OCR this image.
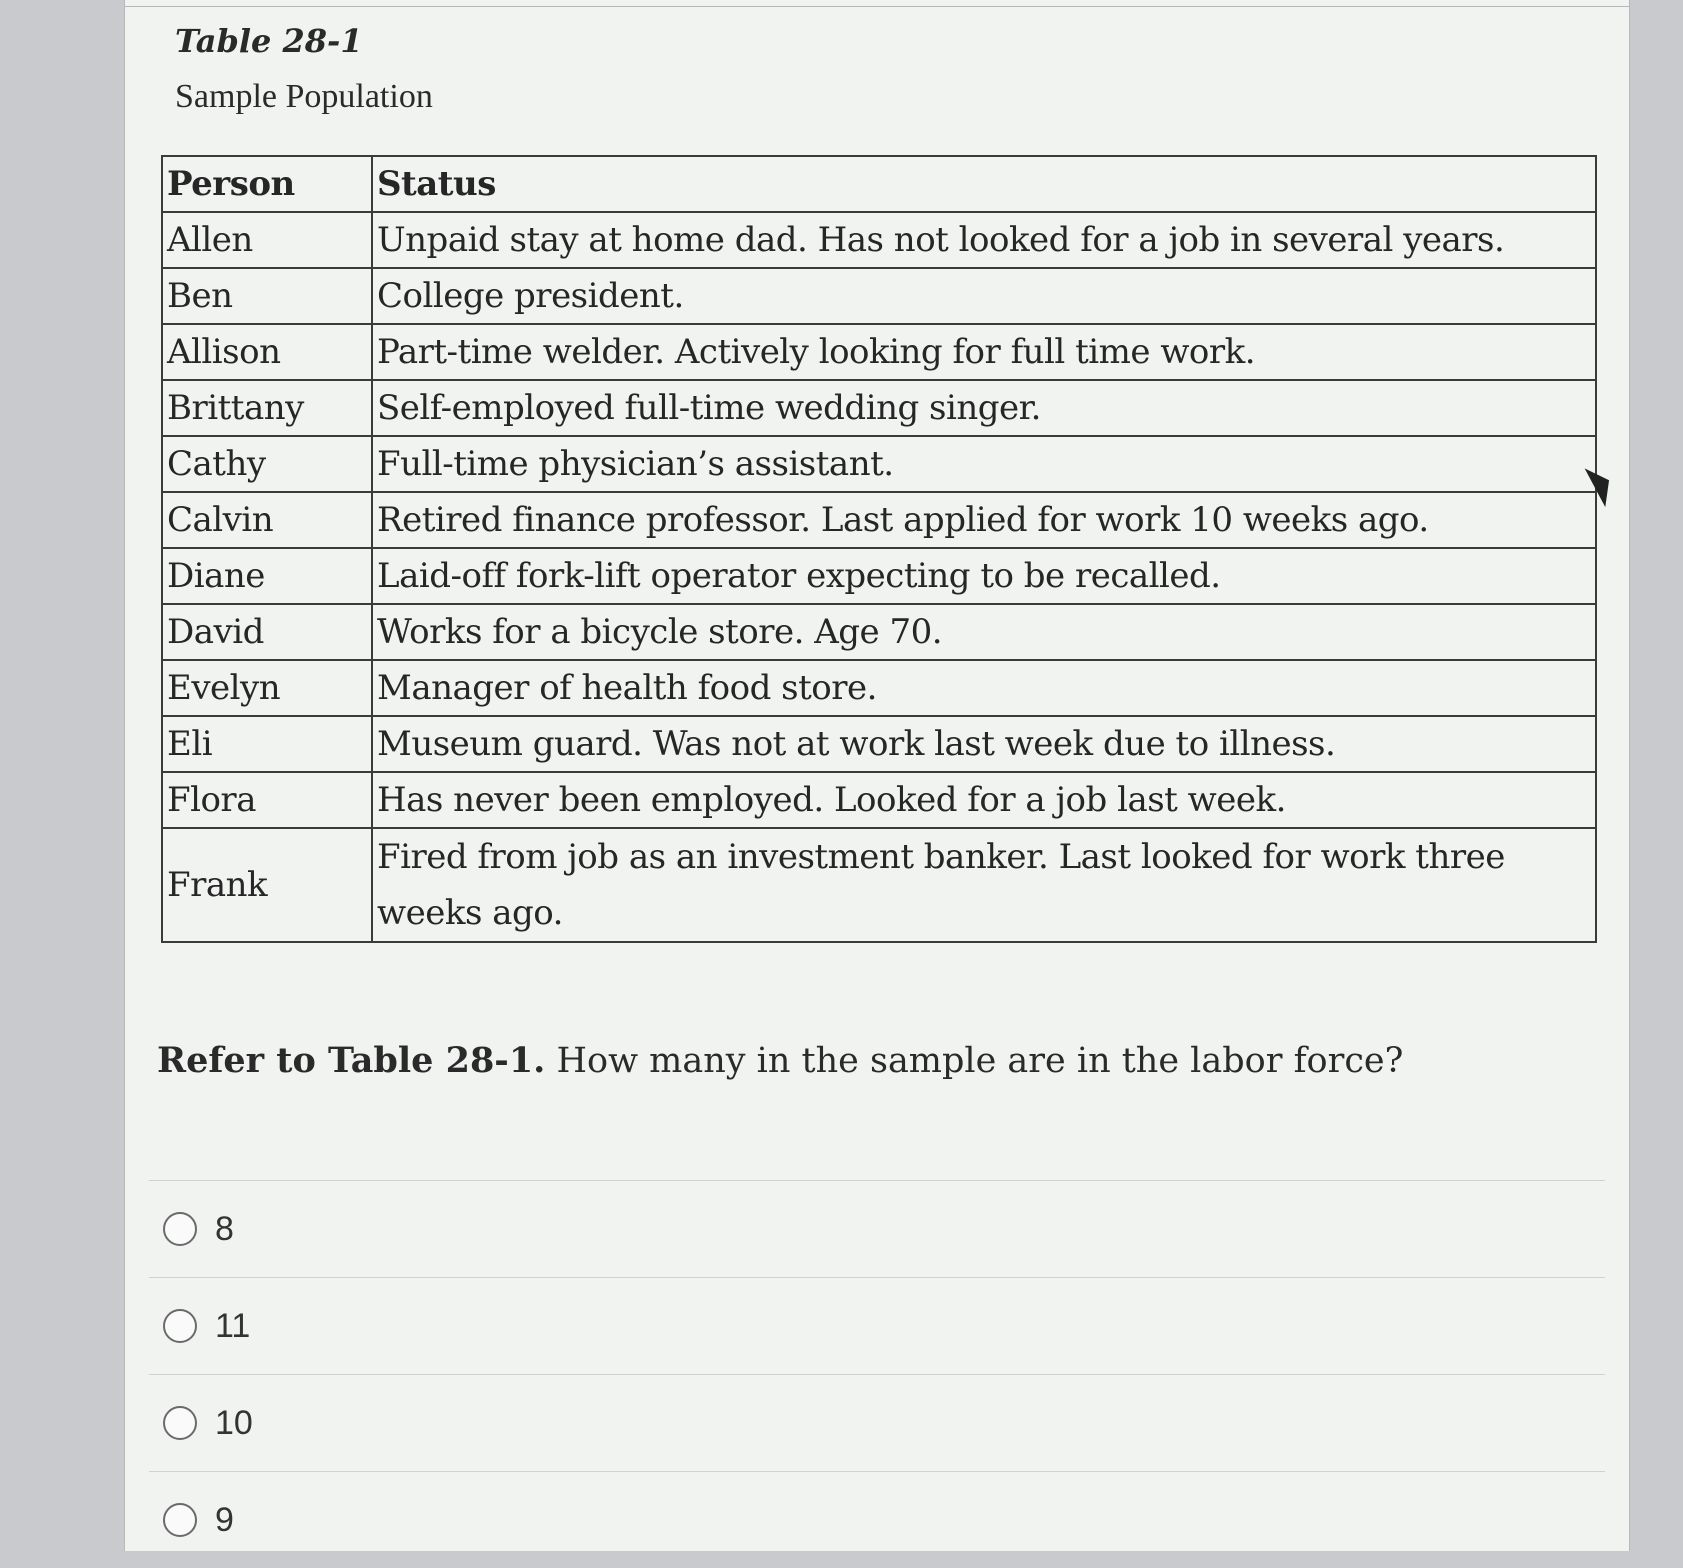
Table 28-1
Sample Population
Person	Status
Allen	Unpaid stay at home dad. Has not looked for a job in several years.
Ben	College president.
Allison	Part-time welder. Actively looking for full time work.
Brittany	Self-employed full-time wedding singer.
Cathy	Full-time physician’s assistant.
Calvin	Retired finance professor. Last applied for work 10 weeks ago.
Diane	Laid-off fork-lift operator expecting to be recalled.
David	Works for a bicycle store. Age 70.
Evelyn	Manager of health food store.
Eli	Museum guard. Was not at work last week due to illness.
Flora	Has never been employed. Looked for a job last week.
Frank	Fired from job as an investment banker. Last looked for work three weeks ago.
Refer to Table 28-1. How many in the sample are in the labor force?
8
11
10
9
